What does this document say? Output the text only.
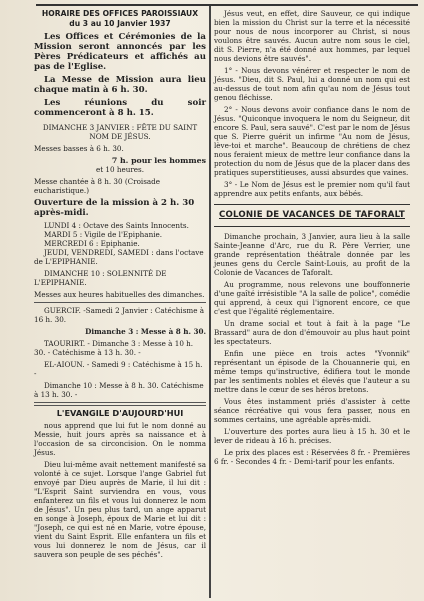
HORAIRE DES OFFICES PAROISSIAUX
du 3 au 10 Janvier 1937

Les Offices et Cérémonies de la Mission seront annoncés par les Pères Prédicateurs et affichés au pas de l'Eglise.

La Messe de Mission aura lieu chaque matin à 6 h. 30.

Les réunions du soir commenceront à 8 h. 15.

DIMANCHE 3 JANVIER : FÊTE DU SAINT NOM DE JÉSUS.

Messes basses à 6 h. 30.

7 h. pour les hommes

et 10 heures.

Messe chantée à 8 h. 30 (Croisade eucharistique.)

Ouverture de la mission à 2 h. 30 après-midi.

LUNDI 4 : Octave des Saints Innocents.

MARDI 5 : Vigile de l'Epiphanie.

MERCREDI 6 : Epiphanie.

JEUDI, VENDREDI, SAMEDI : dans l'octave de L'EPIPHANIE.

DIMANCHE 10 : SOLENNITÉ DE L'EPIPHANIE.

Messes aux heures habituelles des dimanches.

GUERCIF. -Samedi 2 Janvier : Catéchisme à 16 h. 30.

Dimanche 3 : Messe à 8 h. 30.

TAOURIRT. - Dimanche 3 : Messe à 10 h. 30. - Catéchisme à 13 h. 30. -

EL-AIOUN. - Samedi 9 : Catéchisme à 15 h. -

Dimanche 10 : Messe à 8 h. 30. Catéchisme à 13 h. 30. -

L'EVANGILE D'AUJOURD'HUI

nous apprend que lui fut le nom donné au Messie, huit jours après sa naissance et à l'occasion de sa circoncision. On le nomma Jésus.

Dieu lui-même avait nettement manifesté sa volonté à ce sujet. Lorsque l'ange Gabriel fut envoyé par Dieu auprès de Marie, il lui dit : "L'Esprit Saint surviendra en vous, vous enfanterez un fils et vous lui donnerez le nom de Jésus". Un peu plus tard, un ange apparut en songe à Joseph, époux de Marie et lui dit : "Joseph, ce qui est né en Marie, votre épouse, vient du Saint Esprit. Elle enfantera un fils et vous lui donnerez le nom de Jésus, car il sauvera son peuple de ses péchés".

Jésus veut, en effet, dire Sauveur, ce qui indique bien la mission du Christ sur la terre et la nécessité pour nous de nous incorporer au Christ, si nous voulons être sauvés. Aucun autre nom sous le ciel, dit S. Pierre, n'a été donné aux hommes, par lequel nous devions être sauvés".

1° - Nous devons vénérer et respecter le nom de Jésus. "Dieu, dit S. Paul, lui a donné un nom qui est au-dessus de tout nom afin qu'au nom de Jésus tout genou fléchisse.

2° - Nous devons avoir confiance dans le nom de Jésus. "Quiconque invoquera le nom du Seigneur, dit encore S. Paul, sera sauvé". C'est par le nom de Jésus que S. Pierre guérit un infirme "Au nom de Jésus, lève-toi et marche". Beaucoup de chrétiens de chez nous feraient mieux de mettre leur confiance dans la protection du nom de Jésus que de la placer dans des pratiques superstitieuses, aussi absurdes que vaines.

3° - Le Nom de Jésus est le premier nom qu'il faut apprendre aux petits enfants, aux bébés.

COLONIE DE VACANCES DE TAFORALT

Dimanche prochain, 3 Janvier, aura lieu à la salle Sainte-Jeanne d'Arc, rue du R. Père Verrier, une grande représentation théâtrale donnée par les jeunes gens du Cercle Saint-Louis, au profit de la Colonie de Vacances de Taforalt.

Au programme, nous relevons une bouffonnerie d'une gaîté irrésistible "A la salle de police", comédie qui apprend, à ceux qui l'ignorent encore, ce que c'est que l'égalité réglementaire.

Un drame social et tout à fait à la page "Le Brassard" aura de don d'émouvoir au plus haut point les spectateurs.

Enfin une pièce en trois actes "Yvonnik" représentant un épisode de la Chouannerie qui, en même temps qu'instructive, édifiera tout le monde par les sentiments nobles et élevés que l'auteur a su mettre dans le cœur de ses héros bretons.

Vous êtes instamment priés d'assister à cette séance récréative qui vous fera passer, nous en sommes certains, une agréable après-midi.

L'ouverture des portes aura lieu à 15 h. 30 et le lever de rideau à 16 h. précises.

Le prix des places est : Réservées 8 fr. - Premières 6 fr. - Secondes 4 fr. - Demi-tarif pour les enfants.
